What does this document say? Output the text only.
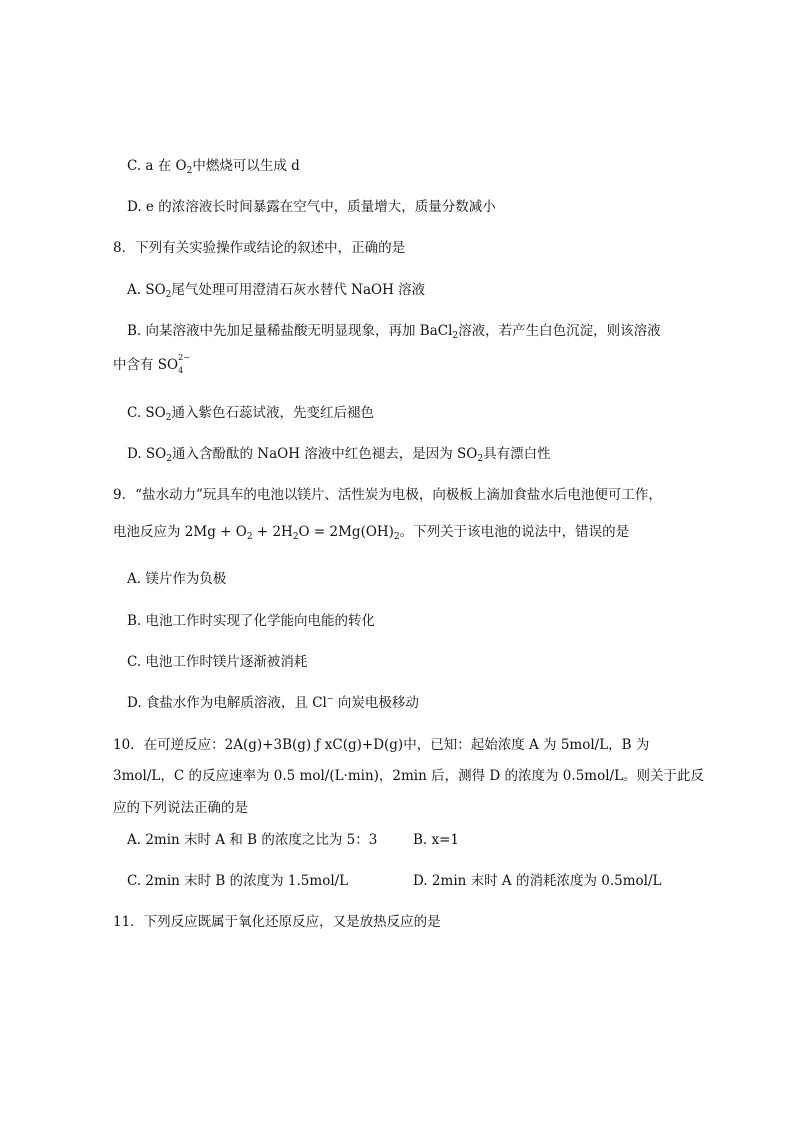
C. a 在 $O_2$中燃烧可以生成 d
D. e 的浓溶液长时间暴露在空气中，质量增大，质量分数减小
8．下列有关实验操作或结论的叙述中，正确的是
A. $SO_2$尾气处理可用澄清石灰水替代 NaOH 溶液
B. 向某溶液中先加足量稀盐酸无明显现象，再加 BaCl$_2$溶液，若产生白色沉淀，则该溶液
中含有 SO 2−
4
C. $SO_2$通入紫色石蕊试液，先变红后褪色
D. $SO_2$通入含酚酞的 NaOH 溶液中红色褪去，是因为 $SO_2$具有漂白性
9．“盐水动力”玩具车的电池以镁片、活性炭为电极，向极板上滴加食盐水后电池便可工作，
电池反应为 $2Mg + O_2 + 2H_2O = 2Mg(OH)_2$。下列关于该电池的说法中，错误的是
A. 镁片作为负极
B. 电池工作时实现了化学能向电能的转化
C. 电池工作时镁片逐渐被消耗
D. 食盐水作为电解质溶液，且 Cl− 向炭电极移动
10．在可逆反应：2A(g)+3B(g) ƒ xC(g)+D(g)中，已知：起始浓度 A 为 5mol/L，B 为
3mol/L，C 的反应速率为 0.5 mol/(L·min)，2min 后，测得 D 的浓度为 0.5mol/L。则关于此反
应的下列说法正确的是
A. 2min 末时 A 和 B 的浓度之比为 5：3	B. x=1
C. 2min 末时 B 的浓度为 1.5mol/L	D. 2min 末时 A 的消耗浓度为 0.5mol/L
11．下列反应既属于氧化还原反应，又是放热反应的是
